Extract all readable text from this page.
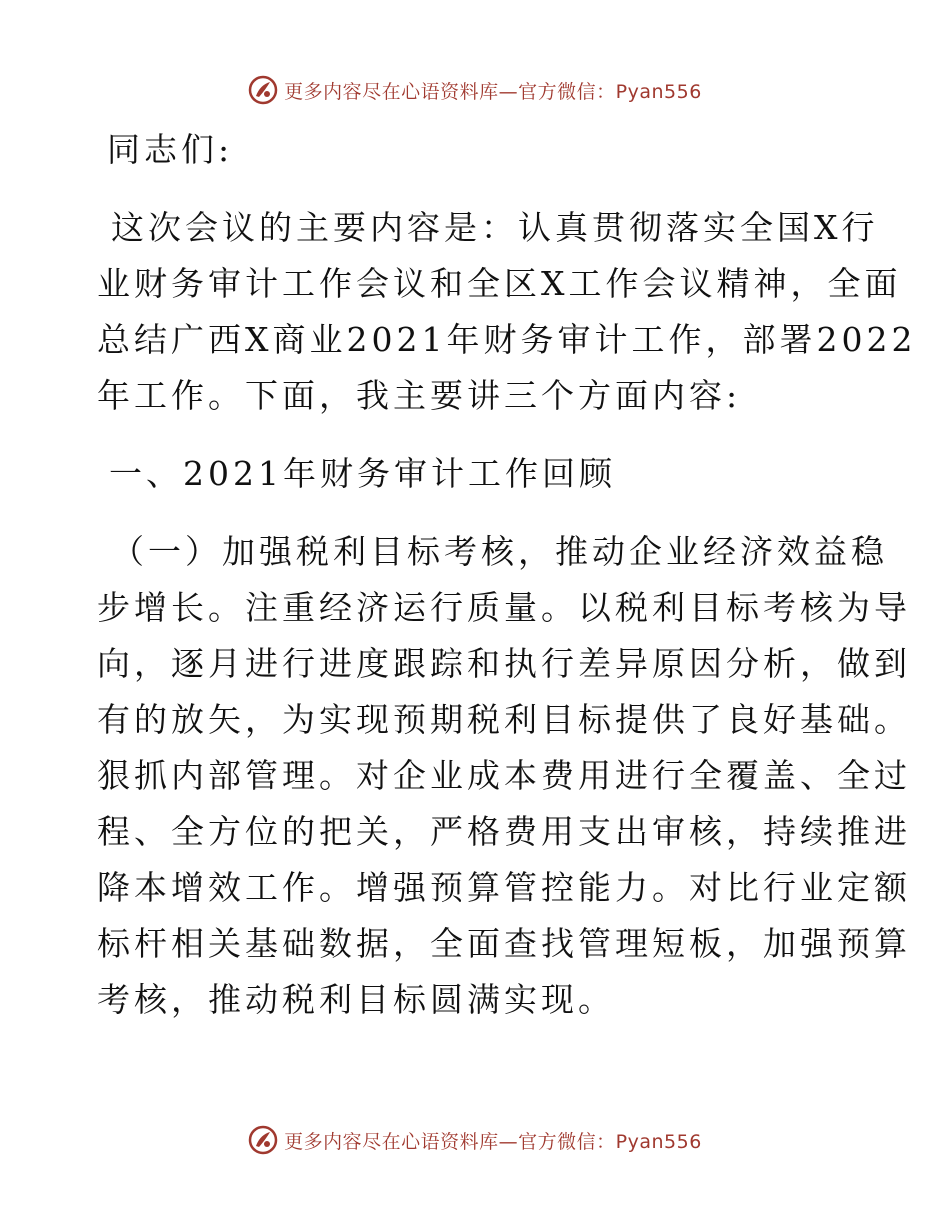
更多内容尽在心语资料库—官方微信：Pyan556

同志们:

这次会议的主要内容是：认真贯彻落实全国X行

业财务审计工作会议和全区X工作会议精神，全面

总结广西X商业2021年财务审计工作，部署2022

年工作。下面，我主要讲三个方面内容:

一、2021年财务审计工作回顾

（一）加强税利目标考核，推动企业经济效益稳

步增长。注重经济运行质量。以税利目标考核为导

向，逐月进行进度跟踪和执行差异原因分析，做到

有的放矢，为实现预期税利目标提供了良好基础。

狠抓内部管理。对企业成本费用进行全覆盖、全过

程、全方位的把关，严格费用支出审核，持续推进

降本增效工作。增强预算管控能力。对比行业定额

标杆相关基础数据，全面查找管理短板，加强预算

考核，推动税利目标圆满实现。

更多内容尽在心语资料库—官方微信：Pyan556
